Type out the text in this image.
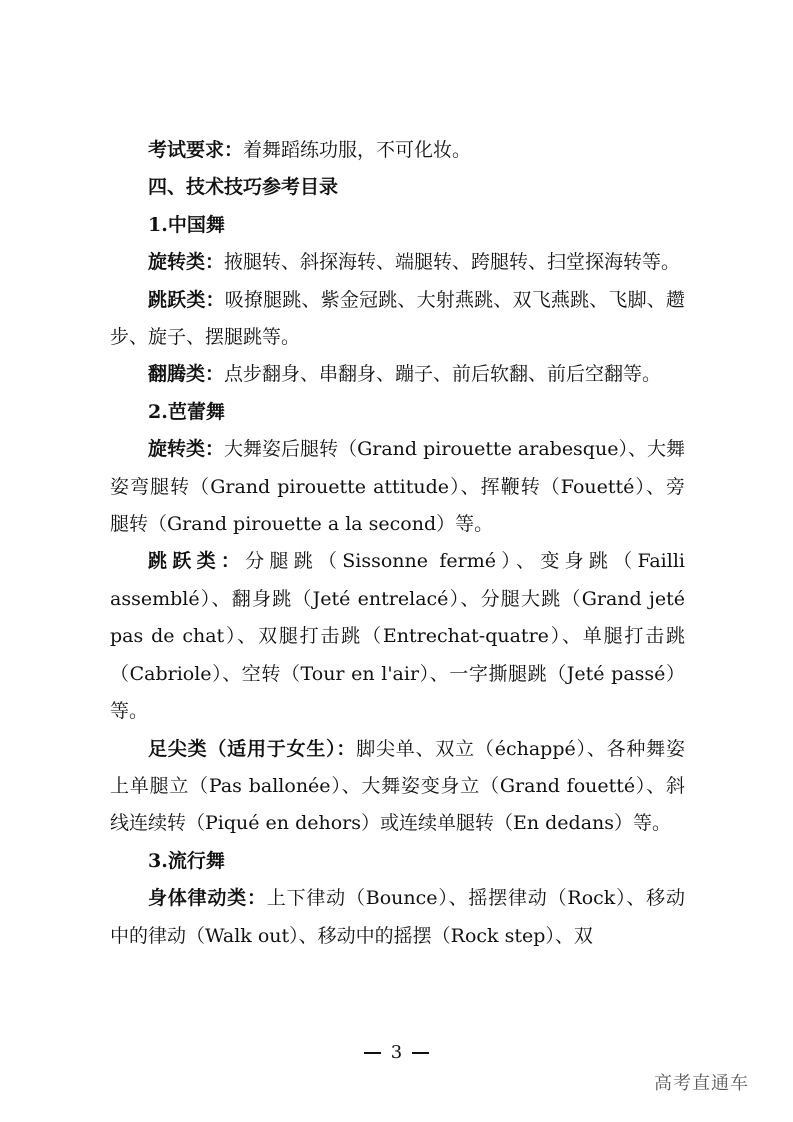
考试要求：着舞蹈练功服，不可化妆。

四、技术技巧参考目录

1.中国舞

旋转类：掖腿转、斜探海转、端腿转、跨腿转、扫堂探海转等。

跳跃类：吸撩腿跳、紫金冠跳、大射燕跳、双飞燕跳、飞脚、趱步、旋子、摆腿跳等。

翻腾类：点步翻身、串翻身、蹦子、前后软翻、前后空翻等。

2.芭蕾舞

旋转类：大舞姿后腿转（Grand pirouette arabesque）、大舞姿弯腿转（Grand pirouette attitude）、挥鞭转（Fouetté）、旁腿转（Grand pirouette a la second）等。

跳跃类：分腿跳（Sissonne fermé）、变身跳（Failli assemblé）、翻身跳（Jeté entrelacé）、分腿大跳（Grand jeté pas de chat）、双腿打击跳（Entrechat-quatre）、单腿打击跳（Cabriole）、空转（Tour en l'air）、一字撕腿跳（Jeté passé）等。

足尖类（适用于女生）：脚尖单、双立（échappé）、各种舞姿上单腿立（Pas ballonée）、大舞姿变身立（Grand fouetté）、斜线连续转（Piqué en dehors）或连续单腿转（En dedans）等。

3.流行舞

身体律动类：上下律动（Bounce）、摇摆律动（Rock）、移动中的律动（Walk out）、移动中的摇摆（Rock step）、双

3
高考直通车
